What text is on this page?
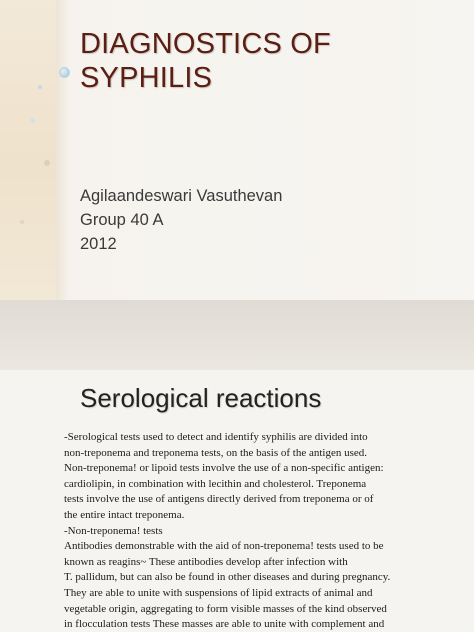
DIAGNOSTICS OF SYPHILIS
Agilaandeswari Vasuthevan
Group 40 A
2012
Serological reactions
-Serological tests used to detect and identify syphilis are divided into
non-treponema and treponema tests, on the basis of the antigen used.
Non-treponema! or lipoid tests involve the use of a non-specific antigen:
cardiolipin, in combination with lecithin and cholesterol. Treponema
tests involve the use of antigens directly derived from treponema or of
the entire intact treponema.
-Non-treponema! tests
Antibodies demonstrable with the aid of non-treponema! tests used to be
known as reagins~ These antibodies develop after infection with
T. pallidum, but can also be found in other diseases and during pregnancy.
They are able to unite with suspensions of lipid extracts of animal and
vegetable origin, aggregating to form visible masses of the kind observed
in flocculation tests These masses are able to unite with complement and
